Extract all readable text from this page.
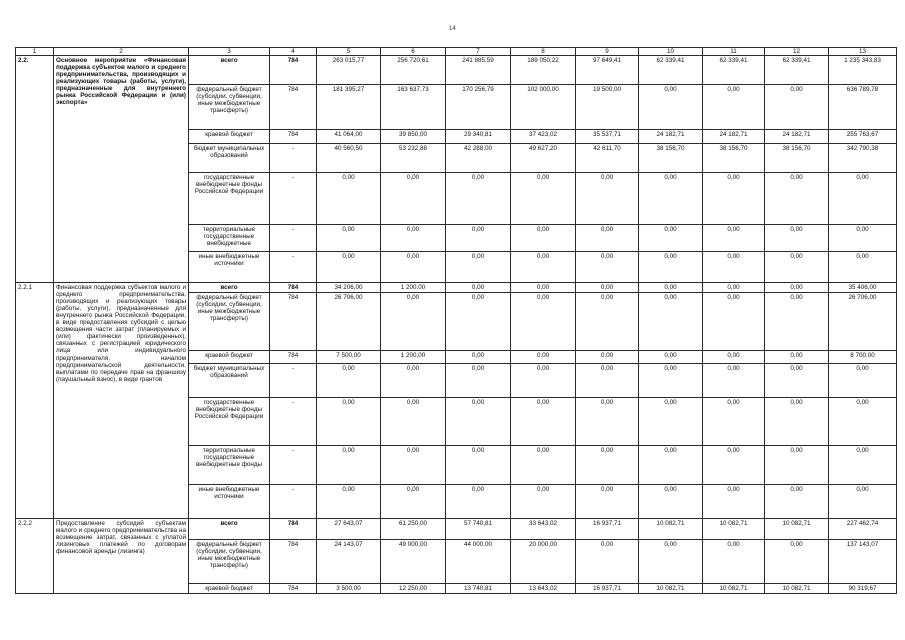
14
1	2	3	4	5	6	7	8	9	10	11	12	13
2.2.	Основное мероприятие «Финансовая поддержка субъектов малого и среднего предпринимательства, производящих и реализующих товары (работы, услуги), предназначенные для внутреннего рынка Российской Федерации и (или) экспорта»	всего	784	263 015,77	256 720,61	241 885,59	189 050,22	97 649,41	62 339,41	62 339,41	62 339,41	1 235 343,83
		федеральный бюджет (субсидии, субвенции, иные межбюджетные трансферты)	784	181 395,27	163 637,73	170 256,79	102 000,00	19 500,00	0,00	0,00	0,00	636 789,78
		краевой бюджет	784	41 064,00	39 850,00	29 340,81	37 423,02	35 537,71	24 182,71	24 182,71	24 182,71	255 763,67
		бюджет муниципальных образований	-	40 560,50	53 232,88	42 288,00	49 627,20	42 611,70	38 156,70	38 156,70	38 156,70	342 790,38
		государственные внебюджетные фонды Российской Федерации	-	0,00	0,00	0,00	0,00	0,00	0,00	0,00	0,00	0,00
		территориальные государственные внебюджетные	-	0,00	0,00	0,00	0,00	0,00	0,00	0,00	0,00	0,00
		иные внебюджетные источники	-	0,00	0,00	0,00	0,00	0,00	0,00	0,00	0,00	0,00
2.2.1	Финансовая поддержка субъектов малого и среднего предпринимательства, производящих и реализующих товары (работы, услуги), предназначенные для внутреннего рынка Российской Федерации, в виде предоставления субсидий с целью возмещения части затрат (планируемых и (или) фактически произведенных), связанных с регистрацией юридического лица или индивидуального предпринимателя, началом предпринимательской деятельности, выплатами по передаче прав на франшизу (паушальный взнос), в виде грантов	всего	784	34 206,00	1 200,00	0,00	0,00	0,00	0,00	0,00	0,00	35 406,00
		федеральный бюджет (субсидии, субвенции, иные межбюджетные трансферты)	784	26 706,00	0,00	0,00	0,00	0,00	0,00	0,00	0,00	26 706,00
		краевой бюджет	784	7 500,00	1 200,00	0,00	0,00	0,00	0,00	0,00	0,00	8 700,00
		бюджет муниципальных образований	-	0,00	0,00	0,00	0,00	0,00	0,00	0,00	0,00	0,00
		государственные внебюджетные фонды Российской Федерации	-	0,00	0,00	0,00	0,00	0,00	0,00	0,00	0,00	0,00
		территориальные государственные внебюджетные фонды	-	0,00	0,00	0,00	0,00	0,00	0,00	0,00	0,00	0,00
		иные внебюджетные источники	-	0,00	0,00	0,00	0,00	0,00	0,00	0,00	0,00	0,00
2.2.2	Предоставление субсидий субъектам малого и среднего предпринимательства на возмещение затрат, связанных с уплатой лизинговых платежей по договорам финансовой аренды (лизинга)	всего	784	27 643,07	61 250,00	57 740,81	33 643,02	16 937,71	10 082,71	10 082,71	10 082,71	227 462,74
		федеральный бюджет (субсидии, субвенции, иные межбюджетные трансферты)	784	24 143,07	49 000,00	44 000,00	20 000,00	0,00	0,00	0,00	0,00	137 143,07
		краевой бюджет	784	3 500,00	12 250,00	13 740,81	13 643,02	16 937,71	10 082,71	10 082,71	10 082,71	90 319,67
